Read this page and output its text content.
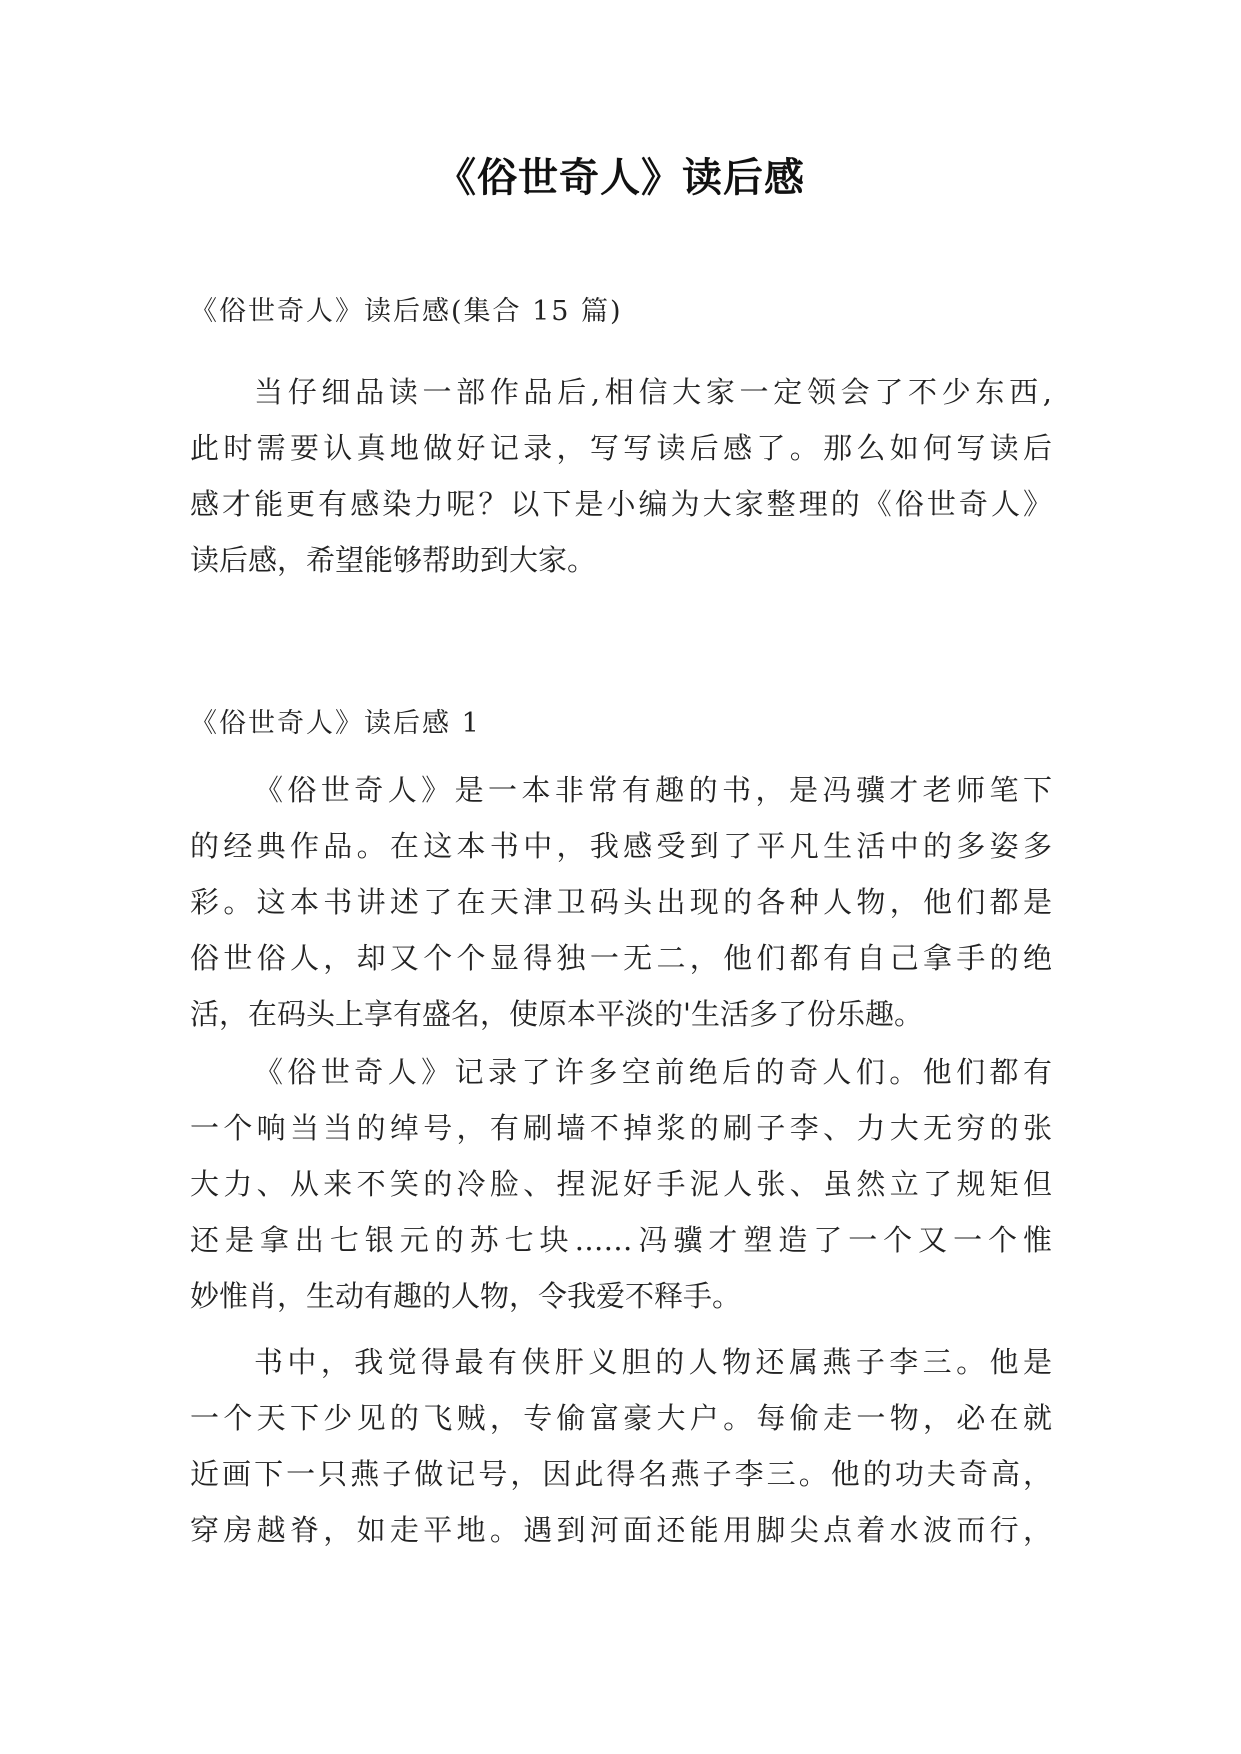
《俗世奇人》读后感
《俗世奇人》读后感(集合 15 篇)
当仔细品读一部作品后,相信大家一定领会了不少东西,
此时需要认真地做好记录，写写读后感了。那么如何写读后
感才能更有感染力呢？以下是小编为大家整理的《俗世奇人》
读后感，希望能够帮助到大家。
《俗世奇人》读后感 1
《俗世奇人》是一本非常有趣的书，是冯骥才老师笔下
的经典作品。在这本书中，我感受到了平凡生活中的多姿多
彩。这本书讲述了在天津卫码头出现的各种人物，他们都是
俗世俗人，却又个个显得独一无二，他们都有自己拿手的绝
活，在码头上享有盛名，使原本平淡的'生活多了份乐趣。
《俗世奇人》记录了许多空前绝后的奇人们。他们都有
一个响当当的绰号，有刷墙不掉浆的刷子李、力大无穷的张
大力、从来不笑的冷脸、捏泥好手泥人张、虽然立了规矩但
还是拿出七银元的苏七块……冯骥才塑造了一个又一个惟
妙惟肖，生动有趣的人物，令我爱不释手。
书中，我觉得最有侠肝义胆的人物还属燕子李三。他是
一个天下少见的飞贼，专偷富豪大户。每偷走一物，必在就
近画下一只燕子做记号，因此得名燕子李三。他的功夫奇高，
穿房越脊，如走平地。遇到河面还能用脚尖点着水波而行，
